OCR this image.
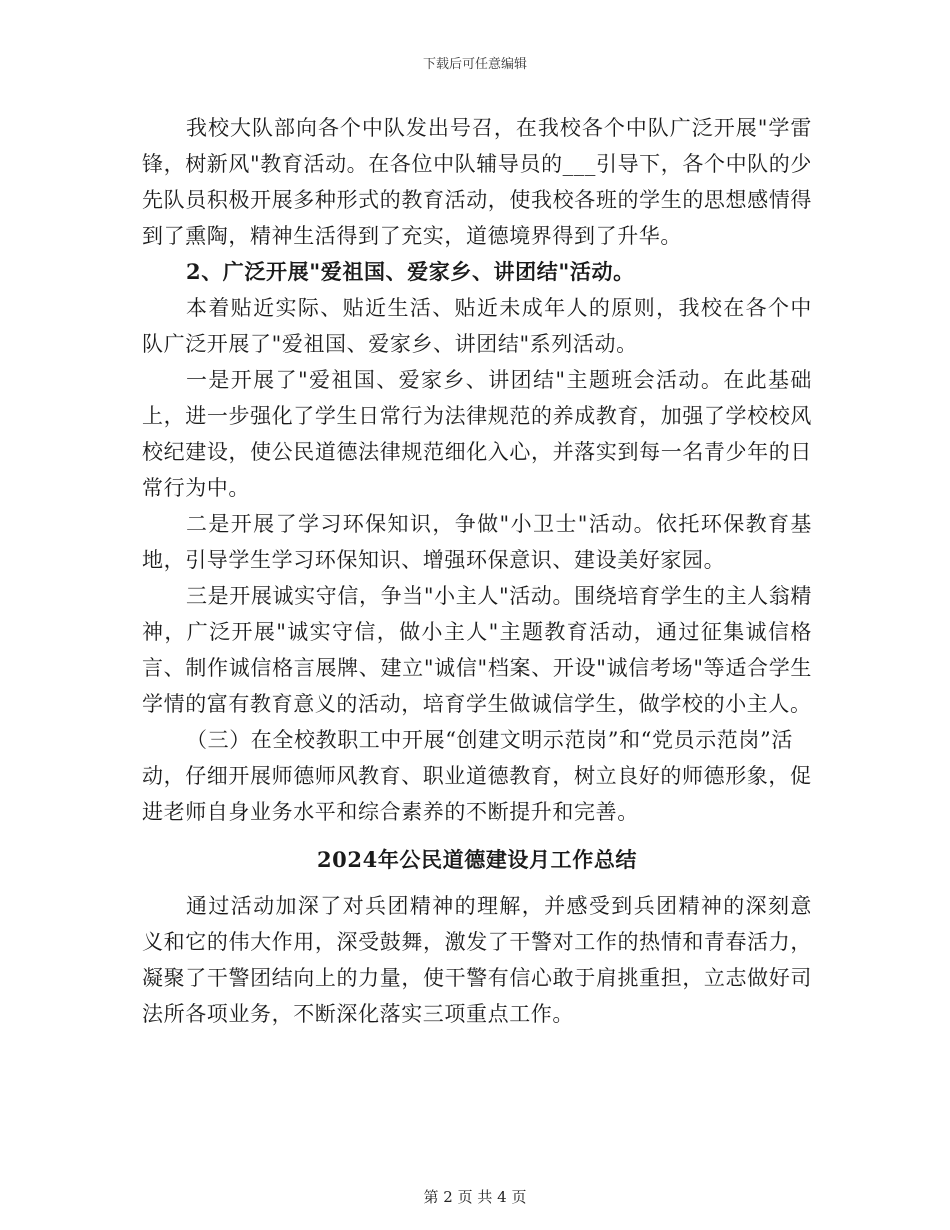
下载后可任意编辑

我校大队部向各个中队发出号召，在我校各个中队广泛开展"学雷锋，树新风"教育活动。在各位中队辅导员的___引导下，各个中队的少先队员积极开展多种形式的教育活动，使我校各班的学生的思想感情得到了熏陶，精神生活得到了充实，道德境界得到了升华。

2、广泛开展"爱祖国、爱家乡、讲团结"活动。

本着贴近实际、贴近生活、贴近未成年人的原则，我校在各个中队广泛开展了"爱祖国、爱家乡、讲团结"系列活动。

一是开展了"爱祖国、爱家乡、讲团结"主题班会活动。在此基础上，进一步强化了学生日常行为法律规范的养成教育，加强了学校校风校纪建设，使公民道德法律规范细化入心，并落实到每一名青少年的日常行为中。

二是开展了学习环保知识，争做"小卫士"活动。依托环保教育基地，引导学生学习环保知识、增强环保意识、建设美好家园。

三是开展诚实守信，争当"小主人"活动。围绕培育学生的主人翁精神，广泛开展"诚实守信，做小主人"主题教育活动，通过征集诚信格言、制作诚信格言展牌、建立"诚信"档案、开设"诚信考场"等适合学生学情的富有教育意义的活动，培育学生做诚信学生，做学校的小主人。

（三）在全校教职工中开展“创建文明示范岗”和“党员示范岗”活动，仔细开展师德师风教育、职业道德教育，树立良好的师德形象，促进老师自身业务水平和综合素养的不断提升和完善。

2024年公民道德建设月工作总结

通过活动加深了对兵团精神的理解，并感受到兵团精神的深刻意义和它的伟大作用，深受鼓舞，激发了干警对工作的热情和青春活力，凝聚了干警团结向上的力量，使干警有信心敢于肩挑重担，立志做好司法所各项业务，不断深化落实三项重点工作。

第 2 页 共 4 页
